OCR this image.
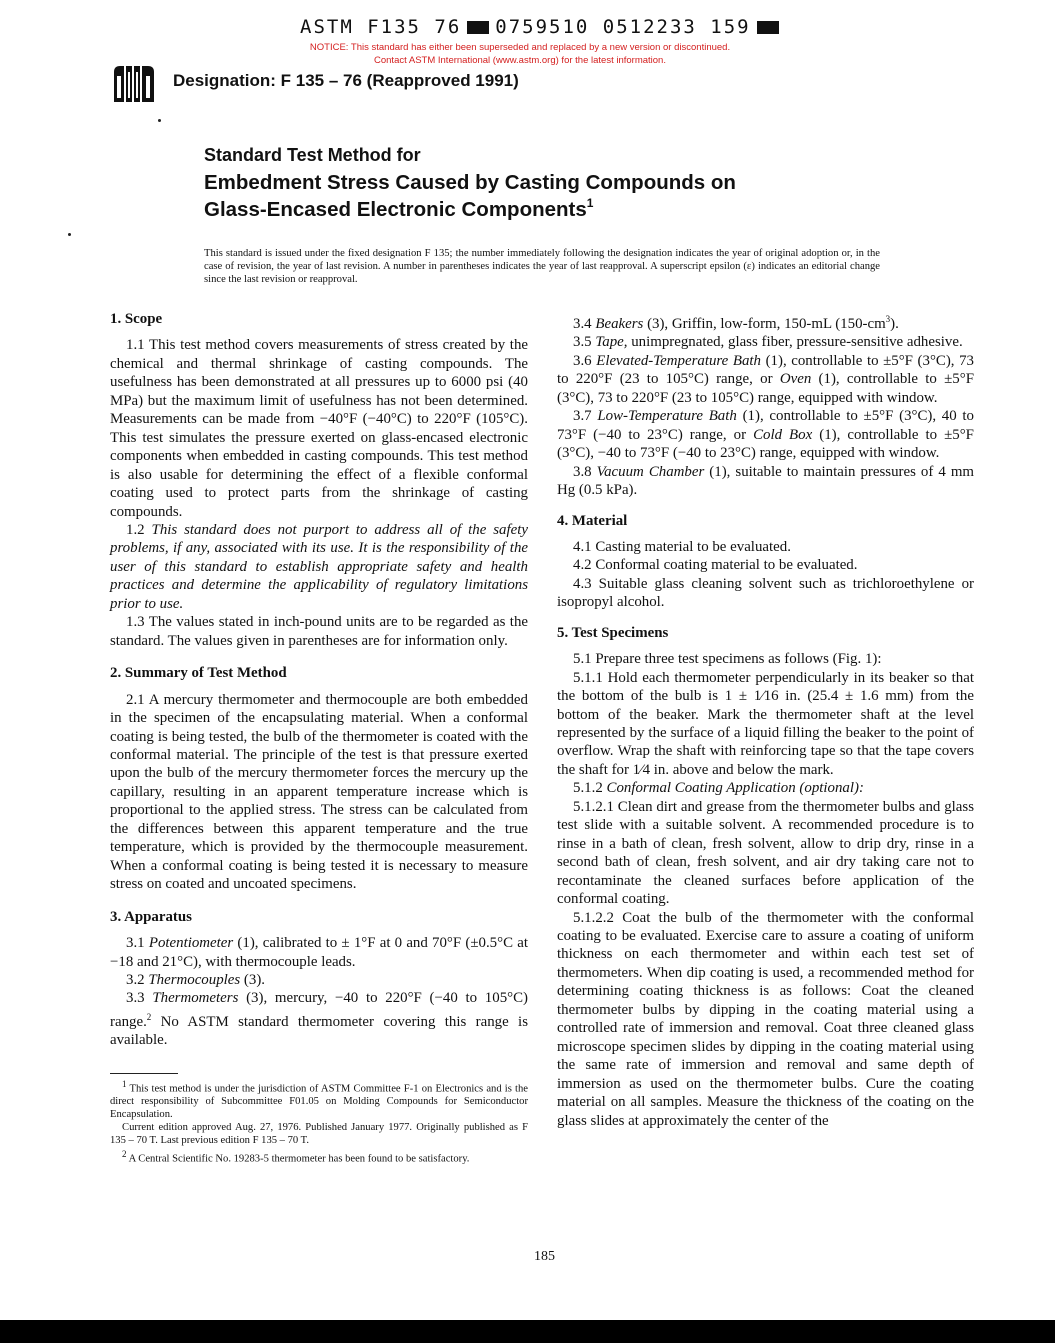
ASTM F135 76 0759510 0512233 159
NOTICE: This standard has either been superseded and replaced by a new version or discontinued.
Contact ASTM International (www.astm.org) for the latest information.
Designation: F 135 – 76 (Reapproved 1991)
Standard Test Method for
Embedment Stress Caused by Casting Compounds on
Glass-Encased Electronic Components$^1$
This standard is issued under the fixed designation F 135; the number immediately following the designation indicates the year of original adoption or, in the case of revision, the year of last revision. A number in parentheses indicates the year of last reapproval. A superscript epsilon (ε) indicates an editorial change since the last revision or reapproval.

1. Scope

1.1 This test method covers measurements of stress created by the chemical and thermal shrinkage of casting compounds. The usefulness has been demonstrated at all pressures up to 6000 psi (40 MPa) but the maximum limit of usefulness has not been determined. Measurements can be made from −40°F (−40°C) to 220°F (105°C). This test simulates the pressure exerted on glass-encased electronic components when embedded in casting compounds. This test method is also usable for determining the effect of a flexible conformal coating used to protect parts from the shrinkage of casting compounds.

1.2 This standard does not purport to address all of the safety problems, if any, associated with its use. It is the responsibility of the user of this standard to establish appropriate safety and health practices and determine the applicability of regulatory limitations prior to use.

1.3 The values stated in inch-pound units are to be regarded as the standard. The values given in parentheses are for information only.

2. Summary of Test Method

2.1 A mercury thermometer and thermocouple are both embedded in the specimen of the encapsulating material. When a conformal coating is being tested, the bulb of the thermometer is coated with the conformal material. The principle of the test is that pressure exerted upon the bulb of the mercury thermometer forces the mercury up the capillary, resulting in an apparent temperature increase which is proportional to the applied stress. The stress can be calculated from the differences between this apparent temperature and the true temperature, which is provided by the thermocouple measurement. When a conformal coating is being tested it is necessary to measure stress on coated and uncoated specimens.

3. Apparatus

3.1 Potentiometer (1), calibrated to ± 1°F at 0 and 70°F (±0.5°C at −18 and 21°C), with thermocouple leads.

3.2 Thermocouples (3).

3.3 Thermometers (3), mercury, −40 to 220°F (−40 to 105°C) range.$^2$ No ASTM standard thermometer covering this range is available.

$^1$ This test method is under the jurisdiction of ASTM Committee F-1 on Electronics and is the direct responsibility of Subcommittee F01.05 on Molding Compounds for Semiconductor Encapsulation.

Current edition approved Aug. 27, 1976. Published January 1977. Originally published as F 135 – 70 T. Last previous edition F 135 – 70 T.

$^2$ A Central Scientific No. 19283-5 thermometer has been found to be satisfactory.

3.4 Beakers (3), Griffin, low-form, 150-mL $(150-cm^3)$.

3.5 Tape, unimpregnated, glass fiber, pressure-sensitive adhesive.

3.6 Elevated-Temperature Bath (1), controllable to ±5°F (3°C), 73 to 220°F (23 to 105°C) range, or Oven (1), controllable to ±5°F (3°C), 73 to 220°F (23 to 105°C) range, equipped with window.

3.7 Low-Temperature Bath (1), controllable to ±5°F (3°C), 40 to 73°F (−40 to 23°C) range, or Cold Box (1), controllable to ±5°F (3°C), −40 to 73°F (−40 to 23°C) range, equipped with window.

3.8 Vacuum Chamber (1), suitable to maintain pressures of 4 mm Hg (0.5 kPa).

4. Material

4.1 Casting material to be evaluated.

4.2 Conformal coating material to be evaluated.

4.3 Suitable glass cleaning solvent such as trichloroethylene or isopropyl alcohol.

5. Test Specimens

5.1 Prepare three test specimens as follows (Fig. 1):

5.1.1 Hold each thermometer perpendicularly in its beaker so that the bottom of the bulb is 1 ± 1⁄16 in. (25.4 ± 1.6 mm) from the bottom of the beaker. Mark the thermometer shaft at the level represented by the surface of a liquid filling the beaker to the point of overflow. Wrap the shaft with reinforcing tape so that the tape covers the shaft for 1⁄4 in. above and below the mark.

5.1.2 Conformal Coating Application (optional):

5.1.2.1 Clean dirt and grease from the thermometer bulbs and glass test slide with a suitable solvent. A recommended procedure is to rinse in a bath of clean, fresh solvent, allow to drip dry, rinse in a second bath of clean, fresh solvent, and air dry taking care not to recontaminate the cleaned surfaces before application of the conformal coating.

5.1.2.2 Coat the bulb of the thermometer with the conformal coating to be evaluated. Exercise care to assure a coating of uniform thickness on each thermometer and within each test set of thermometers. When dip coating is used, a recommended method for determining coating thickness is as follows: Coat the cleaned thermometer bulbs by dipping in the coating material using a controlled rate of immersion and removal. Coat three cleaned glass microscope specimen slides by dipping in the coating material using the same rate of immersion and removal and same depth of immersion as used on the thermometer bulbs. Cure the coating material on all samples. Measure the thickness of the coating on the glass slides at approximately the center of the

185
